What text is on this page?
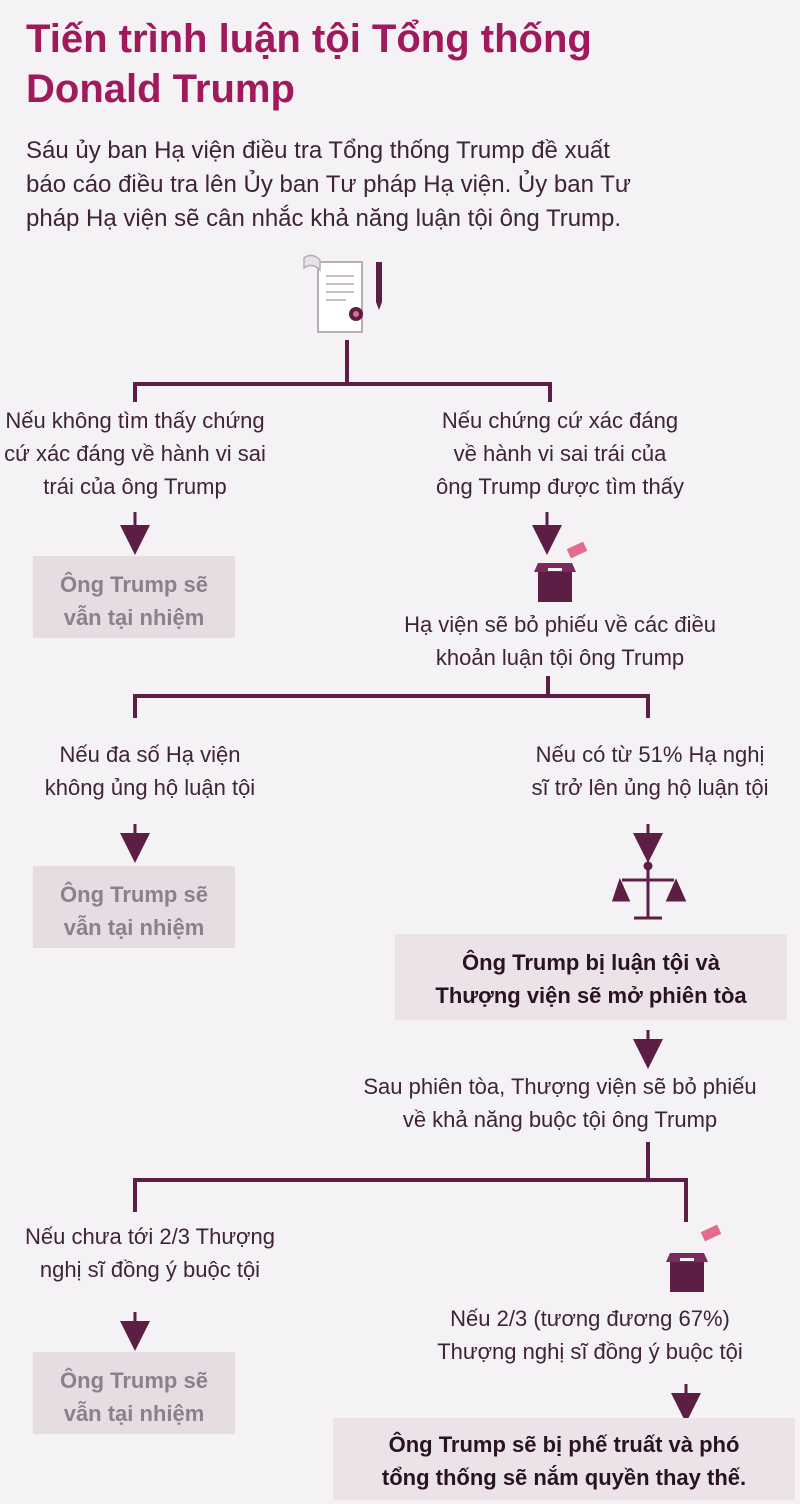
Tiến trình luận tội Tổng thống
Donald Trump
Sáu ủy ban Hạ viện điều tra Tổng thống Trump đề xuất
báo cáo điều tra lên Ủy ban Tư pháp Hạ viện. Ủy ban Tư
pháp Hạ viện sẽ cân nhắc khả năng luận tội ông Trump.
Nếu không tìm thấy chứng
cứ xác đáng về hành vi sai
trái của ông Trump
Ông Trump sẽ
vẫn tại nhiệm
Nếu chứng cứ xác đáng
về hành vi sai trái của
ông Trump được tìm thấy
Hạ viện sẽ bỏ phiếu về các điều
khoản luận tội ông Trump
Nếu đa số Hạ viện
không ủng hộ luận tội
Ông Trump sẽ
vẫn tại nhiệm
Nếu có từ 51% Hạ nghị
sĩ trở lên ủng hộ luận tội
Ông Trump bị luận tội và
Thượng viện sẽ mở phiên tòa
Sau phiên tòa, Thượng viện sẽ bỏ phiếu
về khả năng buộc tội ông Trump
Nếu chưa tới 2/3 Thượng
nghị sĩ đồng ý buộc tội
Ông Trump sẽ
vẫn tại nhiệm
Nếu 2/3 (tương đương 67%)
Thượng nghị sĩ đồng ý buộc tội
Ông Trump sẽ bị phế truất và phó
tổng thống sẽ nắm quyền thay thế.
